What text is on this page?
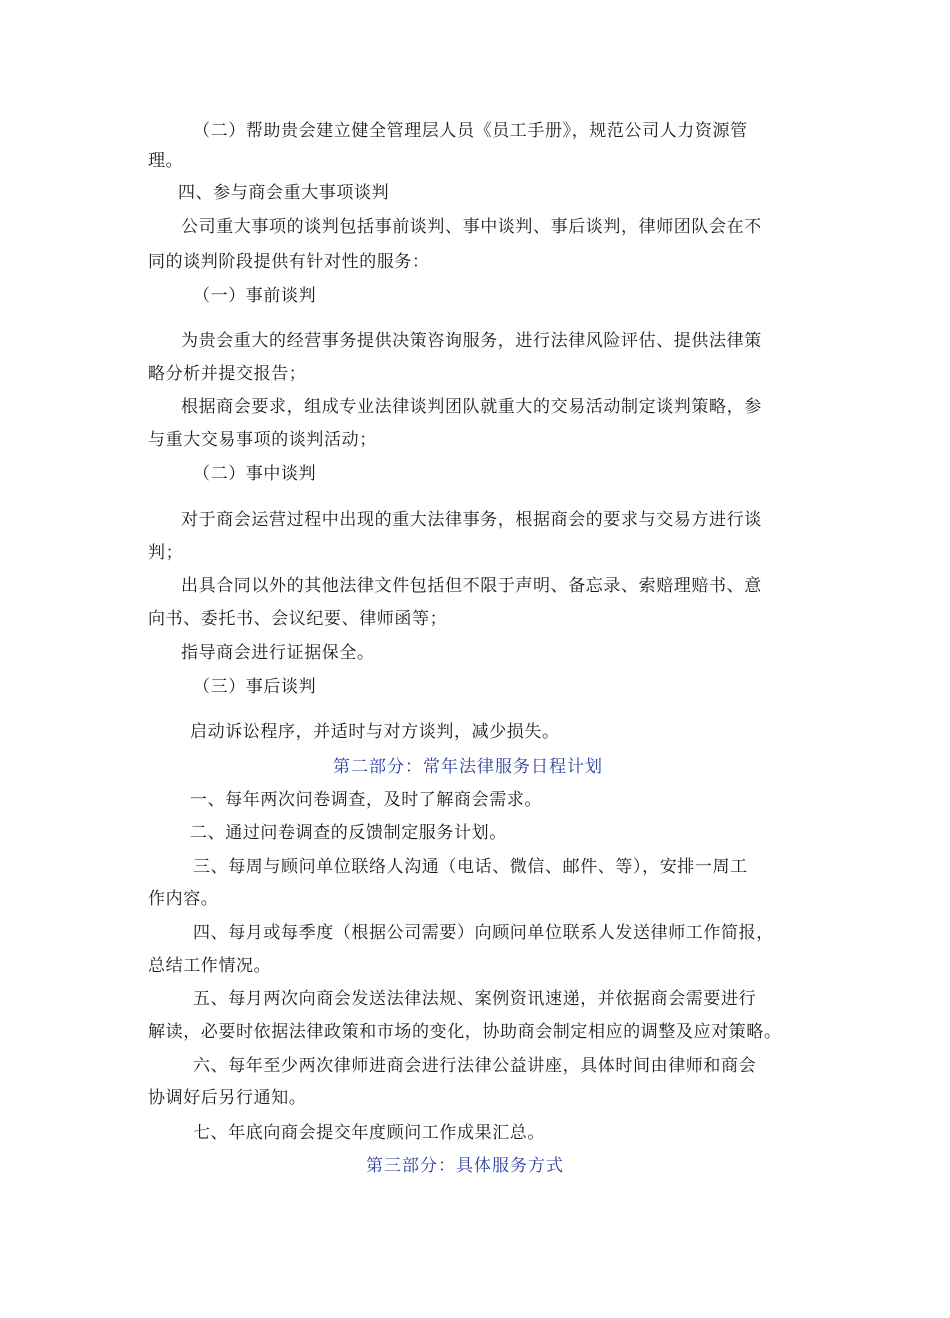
（二）帮助贵会建立健全管理层人员《员工手册》，规范公司人力资源管
理。
四、参与商会重大事项谈判
公司重大事项的谈判包括事前谈判、事中谈判、事后谈判，律师团队会在不
同的谈判阶段提供有针对性的服务：
（一）事前谈判
为贵会重大的经营事务提供决策咨询服务，进行法律风险评估、提供法律策
略分析并提交报告；
根据商会要求，组成专业法律谈判团队就重大的交易活动制定谈判策略，参
与重大交易事项的谈判活动；
（二）事中谈判
对于商会运营过程中出现的重大法律事务，根据商会的要求与交易方进行谈
判；
出具合同以外的其他法律文件包括但不限于声明、备忘录、索赔理赔书、意
向书、委托书、会议纪要、律师函等；
指导商会进行证据保全。
（三）事后谈判
启动诉讼程序，并适时与对方谈判，减少损失。
第二部分：常年法律服务日程计划
一、每年两次问卷调查，及时了解商会需求。
二、通过问卷调查的反馈制定服务计划。
三、每周与顾问单位联络人沟通（电话、微信、邮件、等），安排一周工
作内容。
四、每月或每季度（根据公司需要）向顾问单位联系人发送律师工作简报，
总结工作情况。
五、每月两次向商会发送法律法规、案例资讯速递，并依据商会需要进行
解读，必要时依据法律政策和市场的变化，协助商会制定相应的调整及应对策略。
六、每年至少两次律师进商会进行法律公益讲座，具体时间由律师和商会
协调好后另行通知。
七、年底向商会提交年度顾问工作成果汇总。
第三部分：具体服务方式
